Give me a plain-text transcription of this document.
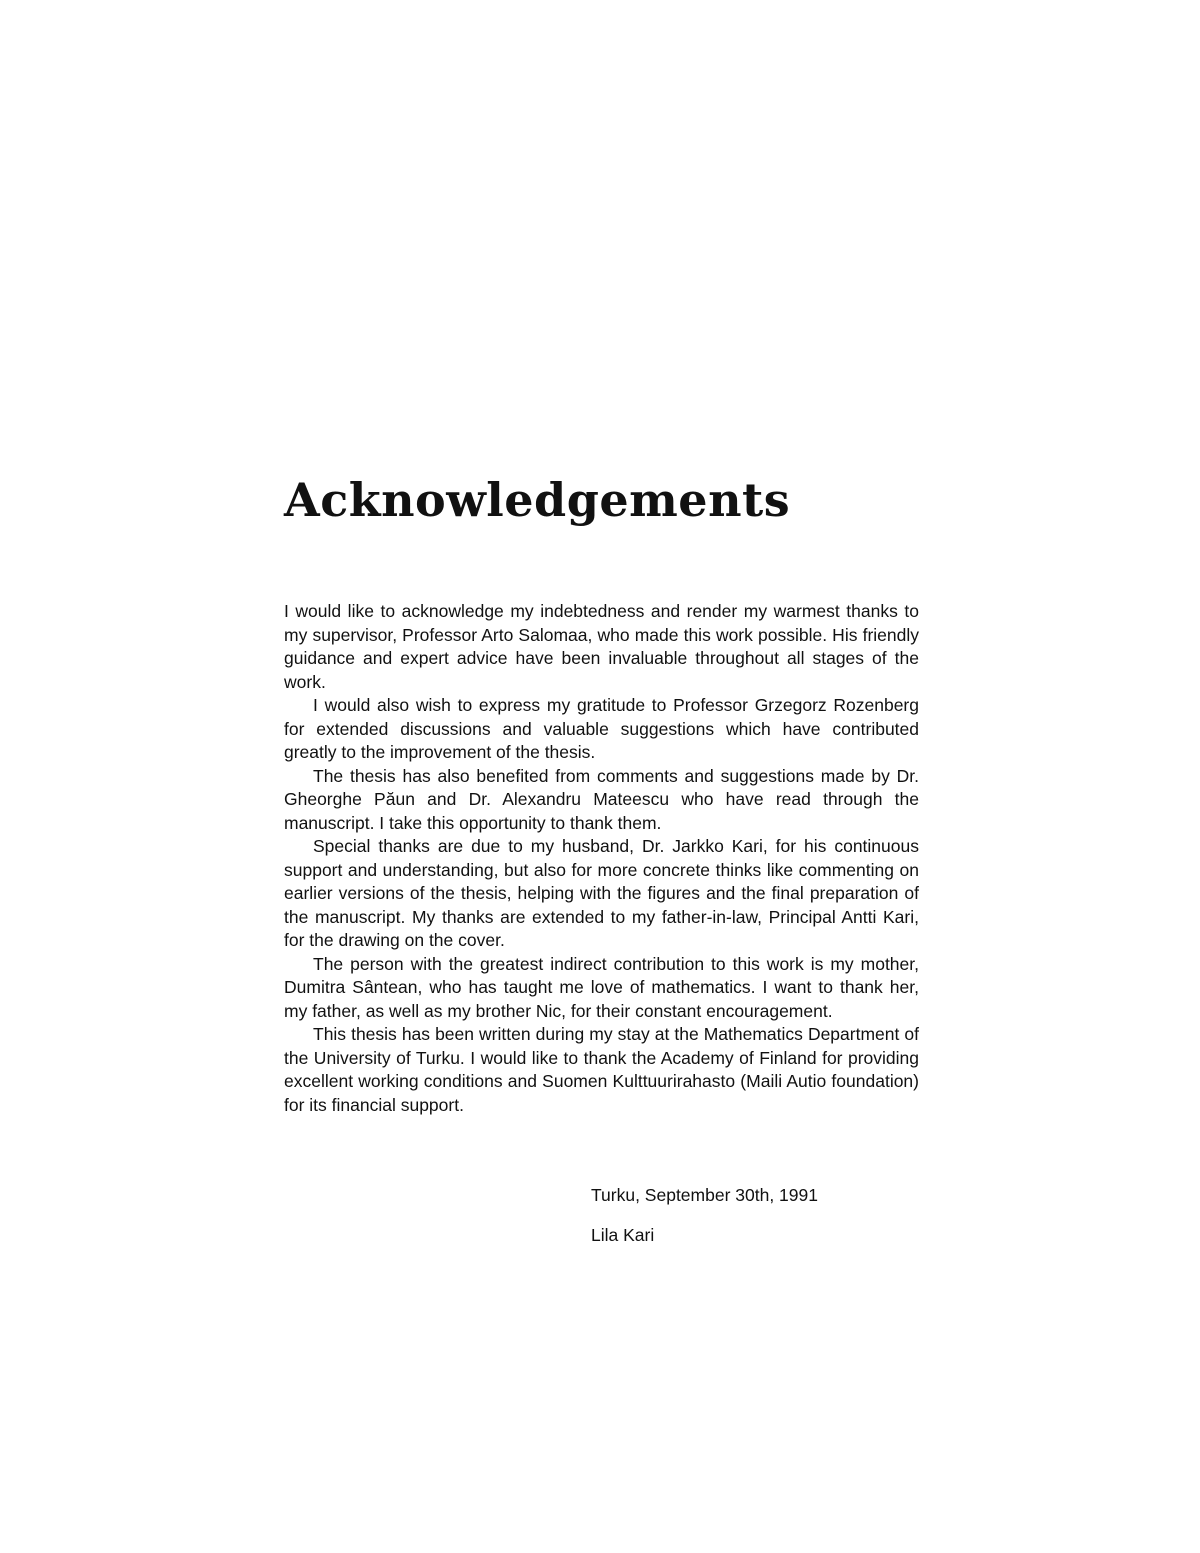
Acknowledgements

I would like to acknowledge my indebtedness and render my warmest thanks to my supervisor, Professor Arto Salomaa, who made this work possible. His friendly guidance and expert advice have been invaluable throughout all stages of the work.

I would also wish to express my gratitude to Professor Grzegorz Rozenberg for extended discussions and valuable suggestions which have contributed greatly to the improvement of the thesis.

The thesis has also benefited from comments and suggestions made by Dr. Gheorghe Păun and Dr. Alexandru Mateescu who have read through the manuscript. I take this opportunity to thank them.

Special thanks are due to my husband, Dr. Jarkko Kari, for his continuous support and understanding, but also for more concrete thinks like commenting on earlier versions of the thesis, helping with the figures and the final preparation of the manuscript. My thanks are extended to my father-in-law, Principal Antti Kari, for the drawing on the cover.

The person with the greatest indirect contribution to this work is my mother, Dumitra Sântean, who has taught me love of mathematics. I want to thank her, my father, as well as my brother Nic, for their constant encouragement.

This thesis has been written during my stay at the Mathematics Department of the University of Turku. I would like to thank the Academy of Finland for providing excellent working conditions and Suomen Kulttuurirahasto (Maili Autio foundation) for its financial support.

Turku, September 30th, 1991
Lila Kari
